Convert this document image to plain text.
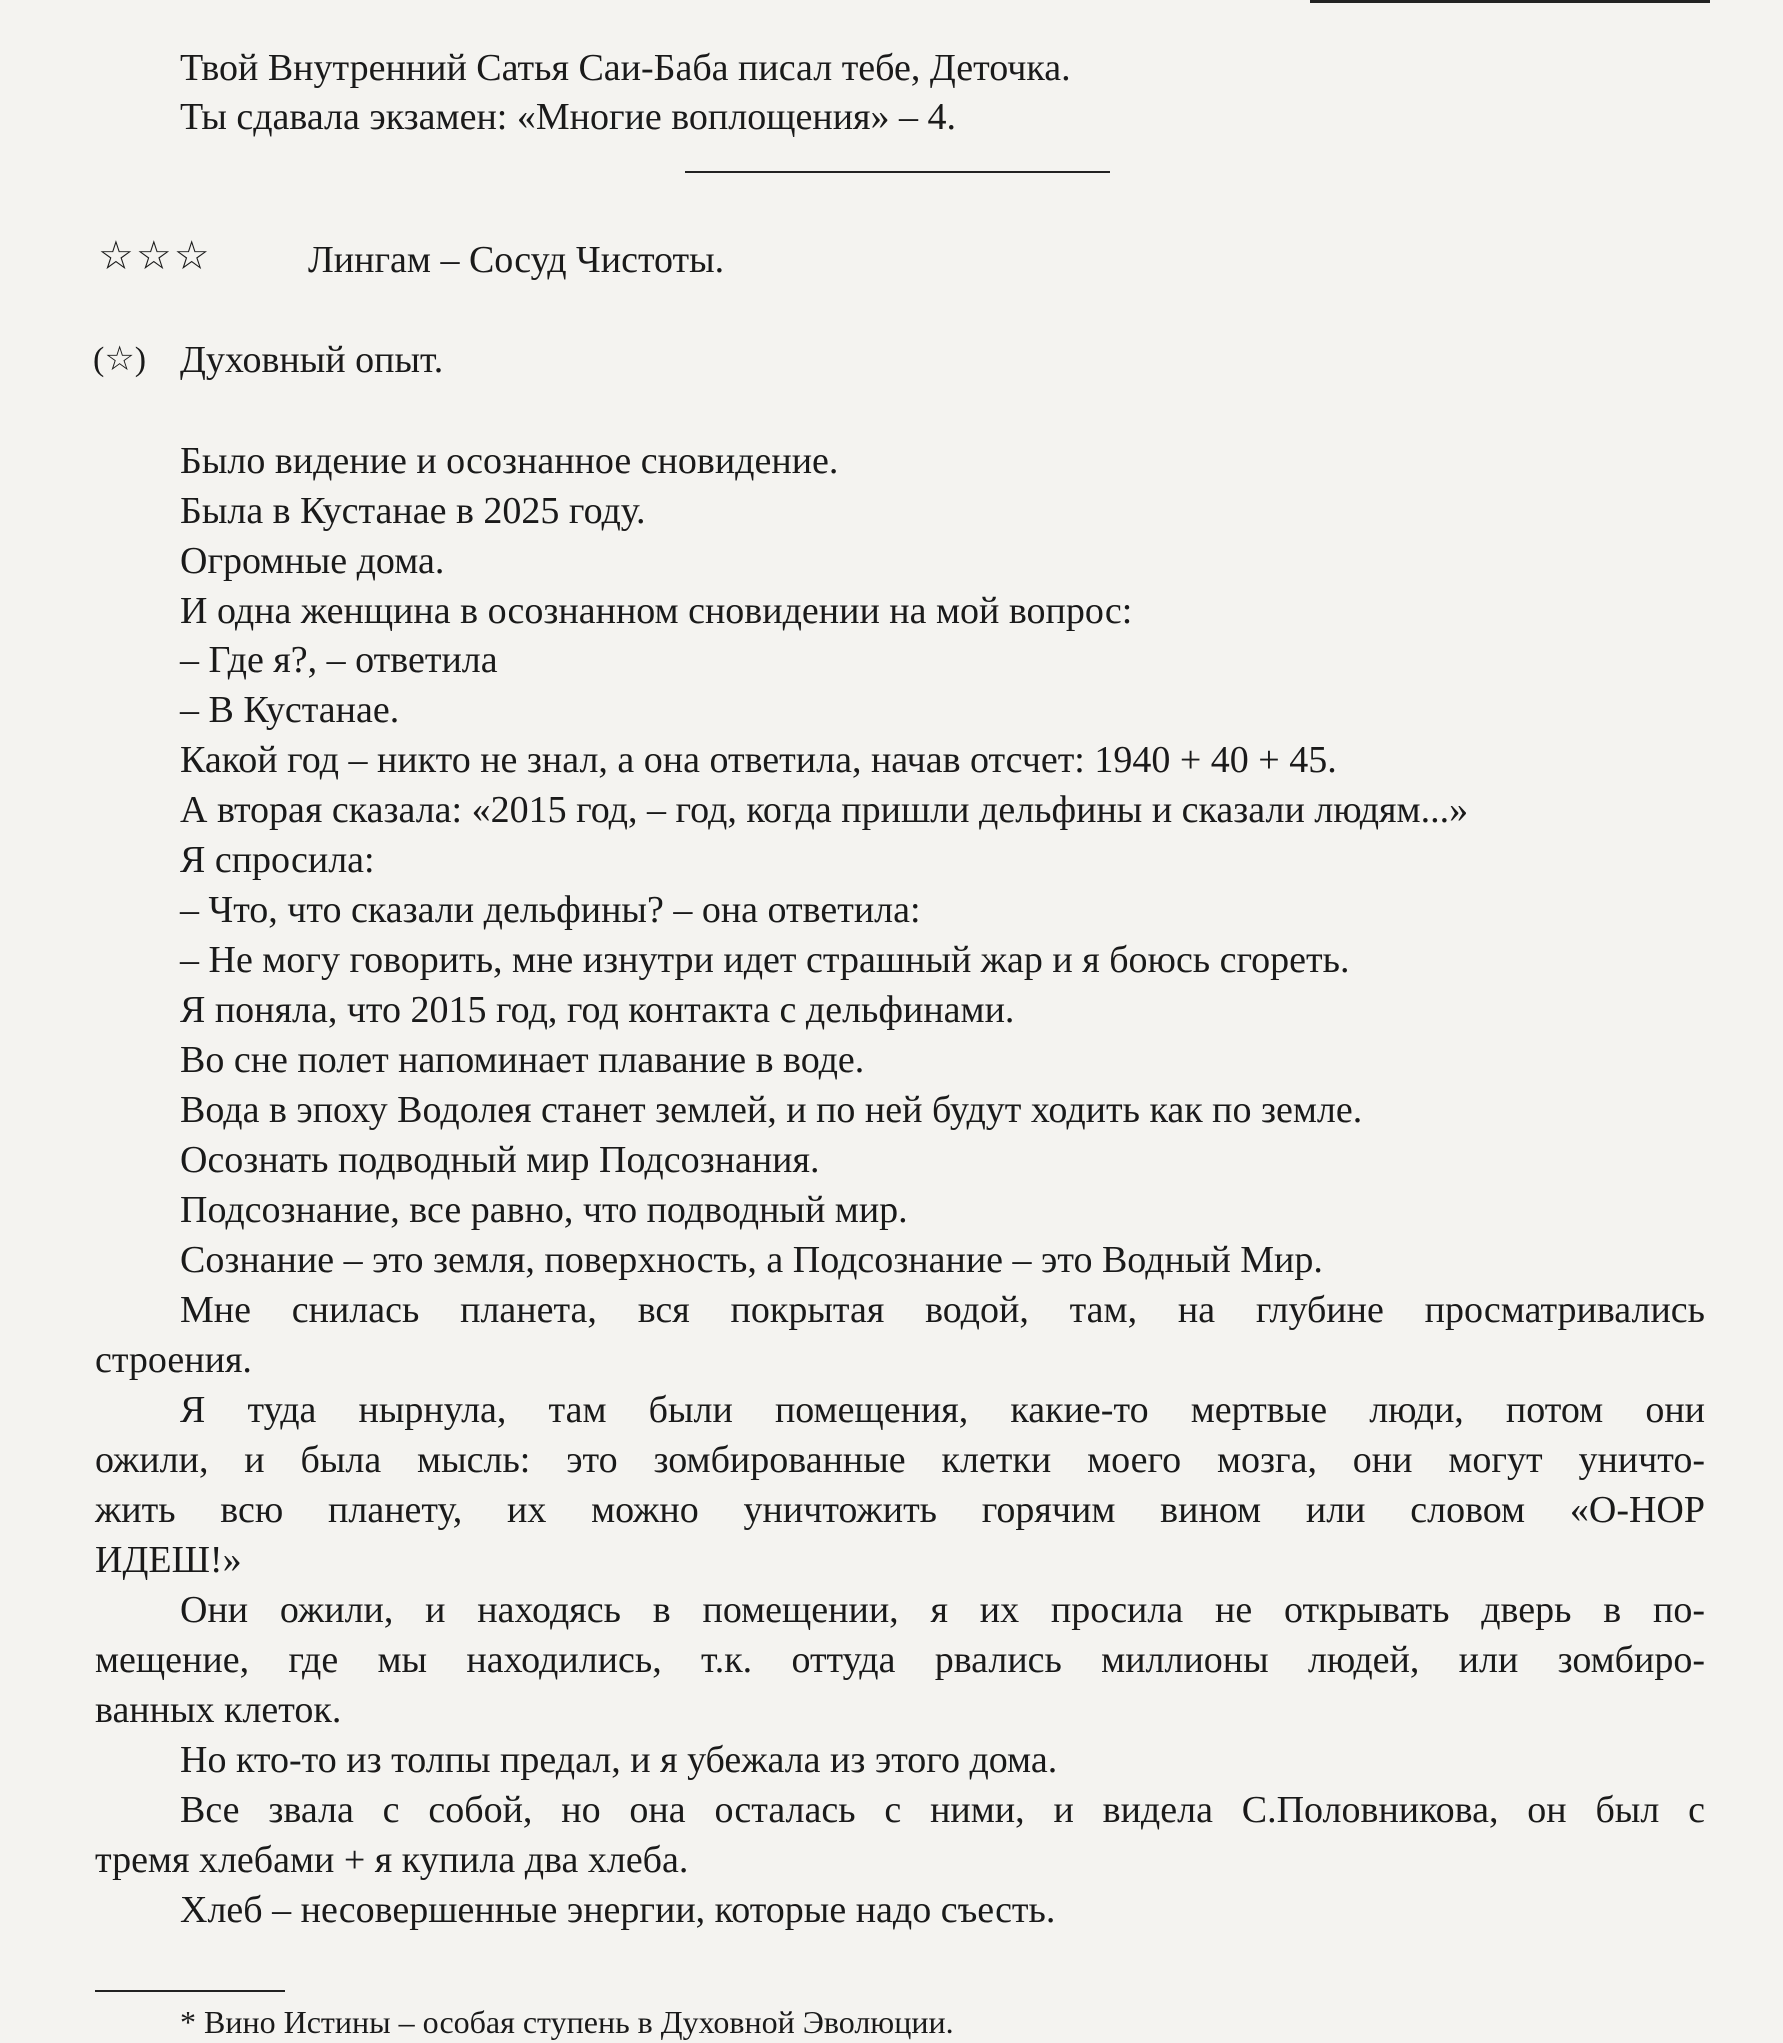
Твой Внутренний Сатья Саи-Баба писал тебе, Деточка.
Ты сдавала экзамен: «Многие воплощения» – 4.
☆☆☆	Лингам – Сосуд Чистоты.
(☆) Духовный опыт.
Было видение и осознанное сновидение.
Была в Кустанае в 2025 году.
Огромные дома.
И одна женщина в осознанном сновидении на мой вопрос:
– Где я?, – ответила
– В Кустанае.
Какой год – никто не знал, а она ответила, начав отсчет: 1940 + 40 + 45.
А вторая сказала: «2015 год, – год, когда пришли дельфины и сказали людям...»
Я спросила:
– Что, что сказали дельфины? – она ответила:
– Не могу говорить, мне изнутри идет страшный жар и я боюсь сгореть.
Я поняла, что 2015 год, год контакта с дельфинами.
Во сне полет напоминает плавание в воде.
Вода в эпоху Водолея станет землей, и по ней будут ходить как по земле.
Осознать подводный мир Подсознания.
Подсознание, все равно, что подводный мир.
Сознание – это земля, поверхность, а Подсознание – это Водный Мир.
Мне снилась планета, вся покрытая водой, там, на глубине просматривались
строения.
Я туда нырнула, там были помещения, какие-то мертвые люди, потом они
ожили, и была мысль: это зомбированные клетки моего мозга, они могут уничто-
жить всю планету, их можно уничтожить горячим вином или словом «О-НОР
ИДЕШ!»
Они ожили, и находясь в помещении, я их просила не открывать дверь в по-
мещение, где мы находились, т.к. оттуда рвались миллионы людей, или зомбиро-
ванных клеток.
Но кто-то из толпы предал, и я убежала из этого дома.
Все звала с собой, но она осталась с ними, и видела С.Половникова, он был с
тремя хлебами + я купила два хлеба.
Хлеб – несовершенные энергии, которые надо съесть.
* Вино Истины – особая ступень в Духовной Эволюции.
